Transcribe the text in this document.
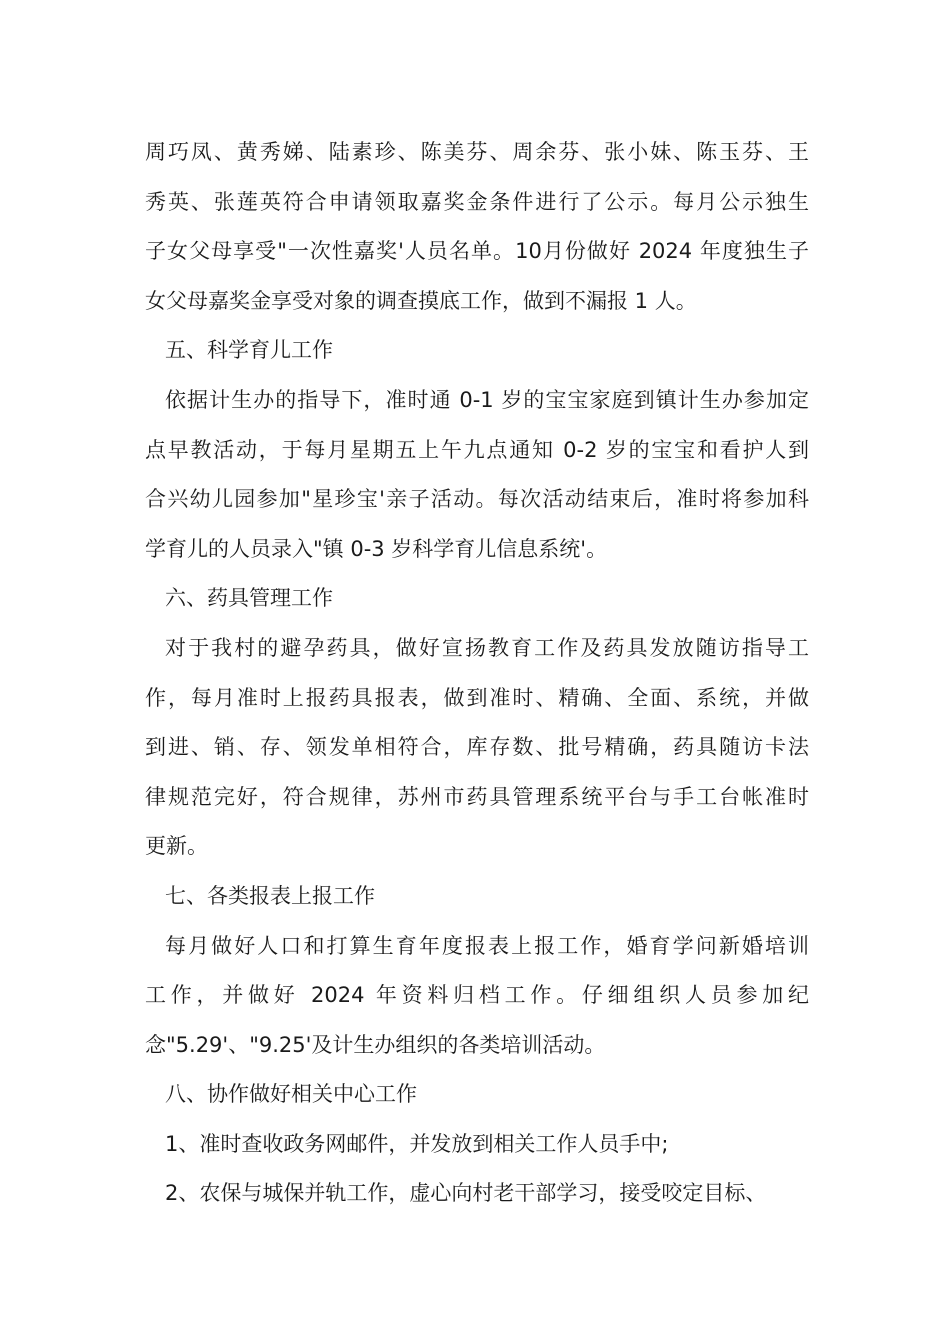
周巧凤、黄秀娣、陆素珍、陈美芬、周余芬、张小妹、陈玉芬、王
秀英、张莲英符合申请领取嘉奖金条件进行了公示。每月公示独生
子女父母享受"一次性嘉奖'人员名单。10月份做好 2024 年度独生子
女父母嘉奖金享受对象的调查摸底工作，做到不漏报 1 人。
五、科学育儿工作
依据计生办的指导下，准时通 0-1 岁的宝宝家庭到镇计生办参加定
点早教活动，于每月星期五上午九点通知 0-2 岁的宝宝和看护人到
合兴幼儿园参加"星珍宝'亲子活动。每次活动结束后，准时将参加科
学育儿的人员录入"镇 0-3 岁科学育儿信息系统'。
六、药具管理工作
对于我村的避孕药具，做好宣扬教育工作及药具发放随访指导工
作，每月准时上报药具报表，做到准时、精确、全面、系统，并做
到进、销、存、领发单相符合，库存数、批号精确，药具随访卡法
律规范完好，符合规律，苏州市药具管理系统平台与手工台帐准时
更新。
七、各类报表上报工作
每月做好人口和打算生育年度报表上报工作，婚育学问新婚培训
工作，并做好 2024 年资料归档工作。仔细组织人员参加纪
念"5.29'、"9.25'及计生办组织的各类培训活动。
八、协作做好相关中心工作
1、准时查收政务网邮件，并发放到相关工作人员手中;
2、农保与城保并轨工作，虚心向村老干部学习，接受咬定目标、
